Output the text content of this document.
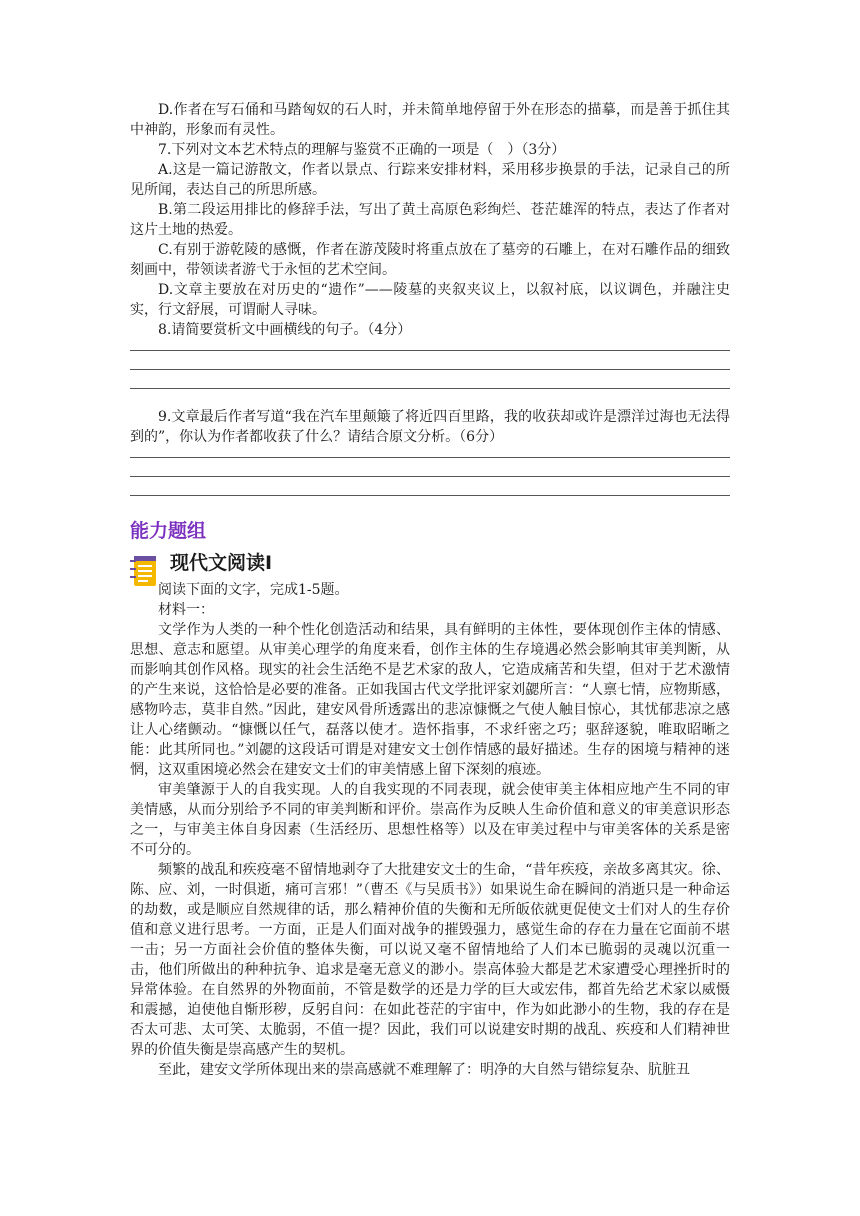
D.作者在写石俑和马踏匈奴的石人时，并未简单地停留于外在形态的描摹，而是善于抓住其中神韵，形象而有灵性。

7.下列对文本艺术特点的理解与鉴赏不正确的一项是（　）（3分）

A.这是一篇记游散文，作者以景点、行踪来安排材料，采用移步换景的手法，记录自己的所见所闻，表达自己的所思所感。

B.第二段运用排比的修辞手法，写出了黄土高原色彩绚烂、苍茫雄浑的特点，表达了作者对这片土地的热爱。

C.有别于游乾陵的感慨，作者在游茂陵时将重点放在了墓旁的石雕上，在对石雕作品的细致刻画中，带领读者游弋于永恒的艺术空间。

D.文章主要放在对历史的“遗作”——陵墓的夹叙夹议上，以叙衬底，以议调色，并融注史实，行文舒展，可谓耐人寻味。

8.请简要赏析文中画横线的句子。（4分）

9.文章最后作者写道“我在汽车里颠簸了将近四百里路，我的收获却或许是漂洋过海也无法得到的”，你认为作者都收获了什么？请结合原文分析。（6分）

能力题组
现代文阅读Ⅰ

阅读下面的文字，完成1-5题。

材料一：

文学作为人类的一种个性化创造活动和结果，具有鲜明的主体性，要体现创作主体的情感、思想、意志和愿望。从审美心理学的角度来看，创作主体的生存境遇必然会影响其审美判断，从而影响其创作风格。现实的社会生活绝不是艺术家的敌人，它造成痛苦和失望，但对于艺术激情的产生来说，这恰恰是必要的准备。正如我国古代文学批评家刘勰所言：“人禀七情，应物斯感，感物吟志，莫非自然。”因此，建安风骨所透露出的悲凉慷慨之气使人触目惊心，其忧郁悲凉之感让人心绪颤动。“慷慨以任气，磊落以使才。造怀指事，不求纤密之巧；驱辞逐貌，唯取昭晰之能：此其所同也。”刘勰的这段话可谓是对建安文士创作情感的最好描述。生存的困境与精神的迷惘，这双重困境必然会在建安文士们的审美情感上留下深刻的痕迹。

审美肇源于人的自我实现。人的自我实现的不同表现，就会使审美主体相应地产生不同的审美情感，从而分别给予不同的审美判断和评价。崇高作为反映人生命价值和意义的审美意识形态之一，与审美主体自身因素（生活经历、思想性格等）以及在审美过程中与审美客体的关系是密不可分的。

频繁的战乱和疾疫毫不留情地剥夺了大批建安文士的生命，“昔年疾疫，亲故多离其灾。徐、陈、应、刘，一时俱逝，痛可言邪！”（曹丕《与吴质书》）如果说生命在瞬间的消逝只是一种命运的劫数，或是顺应自然规律的话，那么精神价值的失衡和无所皈依就更促使文士们对人的生存价值和意义进行思考。一方面，正是人们面对战争的摧毁强力，感觉生命的存在力量在它面前不堪一击；另一方面社会价值的整体失衡，可以说又毫不留情地给了人们本已脆弱的灵魂以沉重一击，他们所做出的种种抗争、追求是毫无意义的渺小。崇高体验大都是艺术家遭受心理挫折时的异常体验。在自然界的外物面前，不管是数学的还是力学的巨大或宏伟，都首先给艺术家以威慑和震撼，迫使他自惭形秽，反躬自问：在如此苍茫的宇宙中，作为如此渺小的生物，我的存在是否太可悲、太可笑、太脆弱，不值一提？因此，我们可以说建安时期的战乱、疾疫和人们精神世界的价值失衡是崇高感产生的契机。

至此，建安文学所体现出来的崇高感就不难理解了：明净的大自然与错综复杂、肮脏丑
